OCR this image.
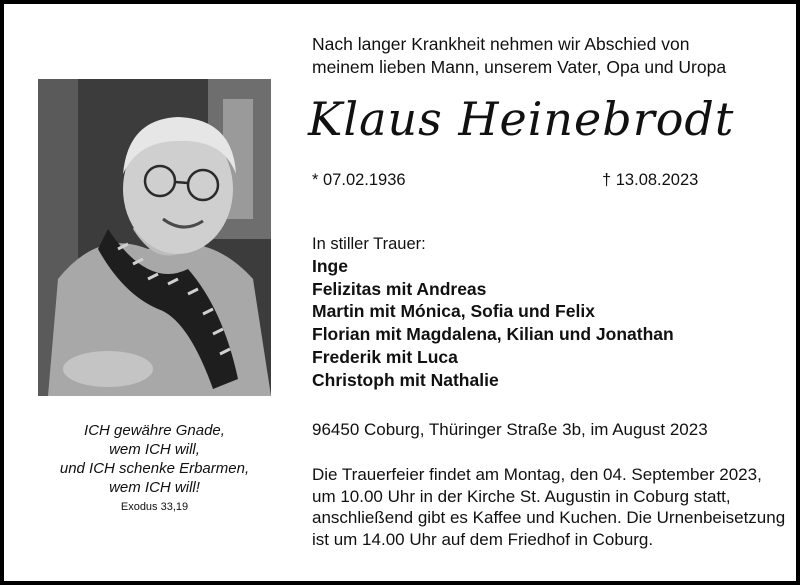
ICH gewähre Gnade,
wem ICH will,
und ICH schenke Erbarmen,
wem ICH will!
Exodus 33,19
Nach langer Krankheit nehmen wir Abschied von
meinem lieben Mann, unserem Vater, Opa und Uropa
Klaus Heinebrodt
* 07.02.1936	† 13.08.2023
In stiller Trauer:
Inge
Felizitas mit Andreas
Martin mit Mónica, Sofia und Felix
Florian mit Magdalena, Kilian und Jonathan
Frederik mit Luca
Christoph mit Nathalie
96450 Coburg, Thüringer Straße 3b, im August 2023
Die Trauerfeier findet am Montag, den 04. September 2023,
um 10.00 Uhr in der Kirche St. Augustin in Coburg statt,
anschließend gibt es Kaffee und Kuchen. Die Urnenbeisetzung
ist um 14.00 Uhr auf dem Friedhof in Coburg.
